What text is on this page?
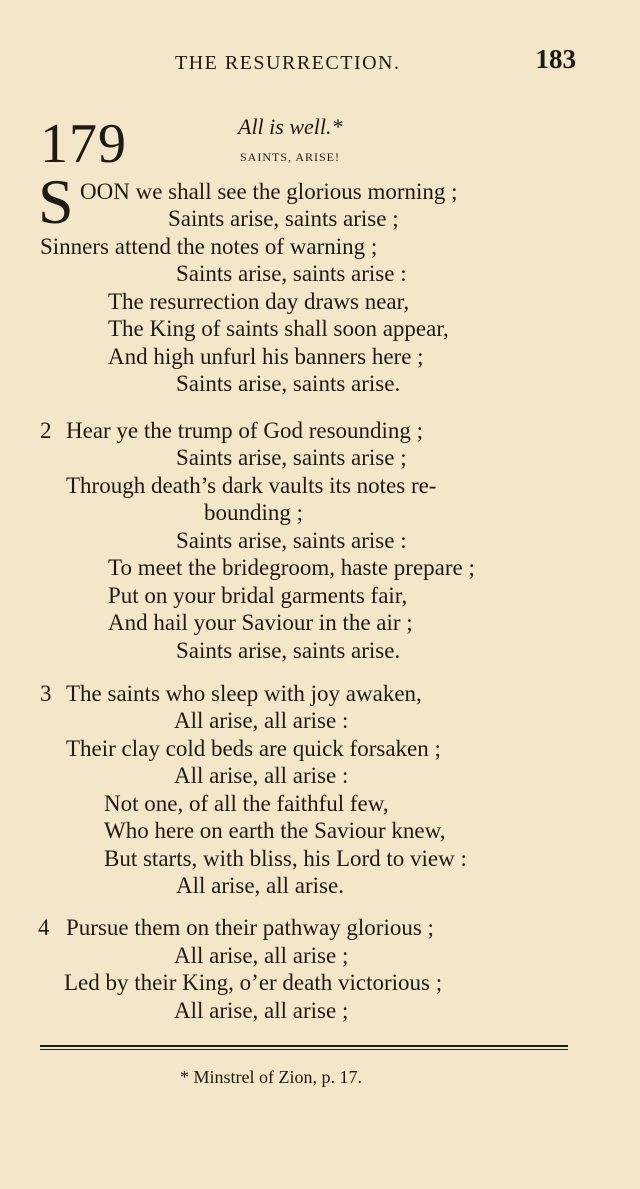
THE RESURRECTION.	183
179	All is well.*
SAINTS, ARISE!
S OON we shall see the glorious morning ;
Saints arise, saints arise ;
Sinners attend the notes of warning ;
Saints arise, saints arise :
The resurrection day draws near,
The King of saints shall soon appear,
And high unfurl his banners here ;
Saints arise, saints arise.
2 Hear ye the trump of God resounding ;
Saints arise, saints arise ;
Through death’s dark vaults its notes re-
bounding ;
Saints arise, saints arise :
To meet the bridegroom, haste prepare ;
Put on your bridal garments fair,
And hail your Saviour in the air ;
Saints arise, saints arise.
3 The saints who sleep with joy awaken,
All arise, all arise :
Their clay cold beds are quick forsaken ;
All arise, all arise :
Not one, of all the faithful few,
Who here on earth the Saviour knew,
But starts, with bliss, his Lord to view :
All arise, all arise.
4 Pursue them on their pathway glorious ;
All arise, all arise ;
Led by their King, o’er death victorious ;
All arise, all arise ;
* Minstrel of Zion, p. 17.
